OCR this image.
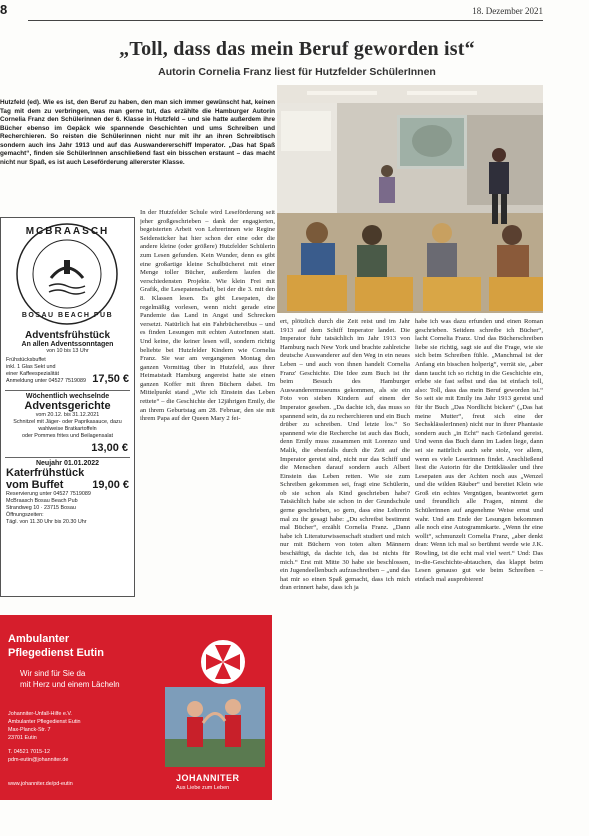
8	18. Dezember 2021
„Toll, dass das mein Beruf geworden ist“
Autorin Cornelia Franz liest für Hutzfelder SchülerInnen
Hutzfeld (ed). Wie es ist, den Beruf zu haben, den man sich immer gewünscht hat, keinen Tag mit dem zu verbringen, was man gerne tut, das erzählte die Hamburger Autorin Cornelia Franz den Schülerinnen der 6. Klasse in Hutzfeld – und sie hatte außerdem ihre Bücher ebenso im Gepäck wie spannende Geschichten und ums Schreiben und Recherchieren. So reisten die Schülerinnen nicht nur mit ihr an ihren Schreibtisch sondern auch ins Jahr 1913 und auf das Auswandererschiff Imperator. „Das hat Spaß gemacht“, finden sie SchülerInnen anschließend fast ein bisschen erstaunt – das macht nicht nur Spaß, es ist auch Leseförderung allererster Klasse.
In der Hutzfelder Schule wird Leseförderung seit jeher großgeschrieben – dank der engagierten, begeisterten Arbeit von Lehrerinnen wie Regine Seidensticker hat hier schon der eine oder die andere kleine (oder größere) Hutzfelder Schülerin zum Lesen gefunden. Kein Wunder, denn es gibt eine großartige kleine Schulbücherei mit einer Menge toller Bücher, außerdem laufen die verschiedensten Projekte. Wie klein Frei mit Grafik, die Lesepatenschaft, bei der die 3. mit den 8. Klassen lesen. Es gibt Lesepaten, die regelmäßig vorlesen, wenn nicht gerade eine Pandemie das Land in Angst und Schrecken versetzt. Natürlich hat ein Fahrbüchereibus – und es finden Lesungen mit echten AutorInnen statt. Und keine, die keiner lesen will, sondern richtig beliebte bei Hutzfelder Kindern wie Cornelia Franz. Sie war am vergangenen Montag den ganzen Vormittag über in Hutzfeld, aus ihrer Heimatstadt Hamburg angereist hatte sie einen ganzen Koffer mit ihren Büchern dabei. Im Mittelpunkt stand „Wie ich Einstein das Leben rettete“ – die Geschichte der 12jährigen Emily, die an ihrem Geburtstag am 28. Februar, den sie mit ihrem Papa auf der Queen Mary 2 fei-
ert, plötzlich durch die Zeit reist und im Jahr 1913 auf dem Schiff Imperator landet. Die Imperator fuhr tatsächlich im Jahr 1913 von Hamburg nach New York und brachte zahlreiche deutsche Auswanderer auf den Weg in ein neues Leben – und auch von ihnen handelt Cornelia Franz' Geschichte. Die Idee zum Buch ist ihr beim Besuch des Hamburger Auswanderermuseums gekommen, als sie ein Foto von sieben Kindern auf einem der Imperator gesehen. „Da dachte ich, das muss so spannend sein, da zu recherchieren und ein Buch drüber zu schreiben. Und letzte los.“ So spannend wie die Recherche ist auch das Buch, denn Emily muss zusammen mit Lorenzo und Malik, die ebenfalls durch die Zeit auf die Imperator gereist sind, nicht nur das Schiff und die Menschen darauf sondern auch Albert Einstein das Leben retten. Wie sie zum Schreiben gekommen sei, fragt eine Schülerin, ob sie schon als Kind geschrieben habe? Tatsächlich habe sie schon in der Grundschule gerne geschrieben, so gern, dass eine Lehrerin mal zu ihr gesagt habe: „Du schreibst bestimmt mal Bücher“, erzählt Cornelia Franz. „Dann habe ich Literaturwissenschaft studiert und mich nur mit Büchern von toten alten Männern beschäftigt, da dachte ich, das ist nichts für mich.“ Erst mit Mitte 30 habe sie beschlossen, ein Jugendeellenbuch aufzuschreiben – „und das hat mir so einen Spaß gemacht, dass ich mich dran erinnert habe, dass ich ja
habe ich was dazu erfunden und einen Roman geschrieben. Seitdem schreibe ich Bücher“, lacht Cornelia Franz. Und das Bücherschreiben liebe sie richtig, sagt sie auf die Frage, wie sie sich beim Schreiben fühle. „Manchmal ist der Anfang ein bisschen holperig“, verrät sie, „aber dann taucht ich so richtig in die Geschichte ein, erlebe sie fast selbst und das ist einfach toll, also: Toll, dass das mein Beruf geworden ist.“ So seit sie mit Emily ins Jahr 1913 gereist und für ihr Buch „Das Nordlicht bicken“ („Das hat meine Mutter“, freut sich eine der SechsklässlerInnen) nicht nur in ihrer Phantasie sondern auch „in Echt“ nach Grönland gereist. Und wenn das Buch dann im Laden liege, dann sei sie natürlich auch sehr stolz, vor allem, wenn es viele Leserinnen findet. Anschließend liest die Autorin für die Drittklässler und ihre Lesepaten aus der Achten noch aus „Wenzel und die wilden Räuber“ und bereitet Klein wie Groß ein echtes Vergnügen, beantwortet gern und freundlich alle Fragen, nimmt die Schülerinnen auf angenehme Weise ernst und wahr. Und am Ende der Lesungen bekommen alle noch eine Autogrammkarte. „Wenn ihr eine wollt“, schmunzelt Cornelia Franz, „aber denkt dran: Wenn ich mal so berühmt werde wie J.K. Rowling, ist die echt mal viel wert.“ Und: Das in-die-Geschichte-abtauchen, das klappt beim Lesen genauso gut wie beim Schreiben – einfach mal ausprobieren!
MCBRAASCH
BOSAU BEACH PUB
Adventsfrühstück
An allen Adventssonntagen
von 10 bis 13 Uhr
Frühstücksbuffet
inkl. 1 Glas Sekt und
einer Kaffeespezialität
Anmeldung unter 04527 7519089 17,50 €
Wöchentlich wechselnde
Adventsgerichte
vom 20.12. bis 31.12.2021
Schnitzel mit Jäger- oder Paprikasauce, dazu wahlweise Bratkartoffeln
oder Pommes frites und Beilagensalat
13,00 €
Neujahr 01.01.2022
Katerfrühstück
vom Buffet	19,00 €
Reservierung unter 04527 7519089
McBraasch Bosau Beach Pub
Strandweg 10 · 23715 Bosau
Öffnungszeiten:
Tägl. von 11.30 Uhr bis 20.30 Uhr
Ambulanter
Pflegedienst Eutin
Wir sind für Sie da
mit Herz und einem Lächeln
Johanniter-Unfall-Hilfe e.V.
Ambulanter Pflegedienst Eutin
Max-Planck-Str. 7
23701 Eutin
T. 04521 7015-12
pdm-eutin@johanniter.de
www.johanniter.de/pd-eutin
JOHANNITER
Aus Liebe zum Leben
